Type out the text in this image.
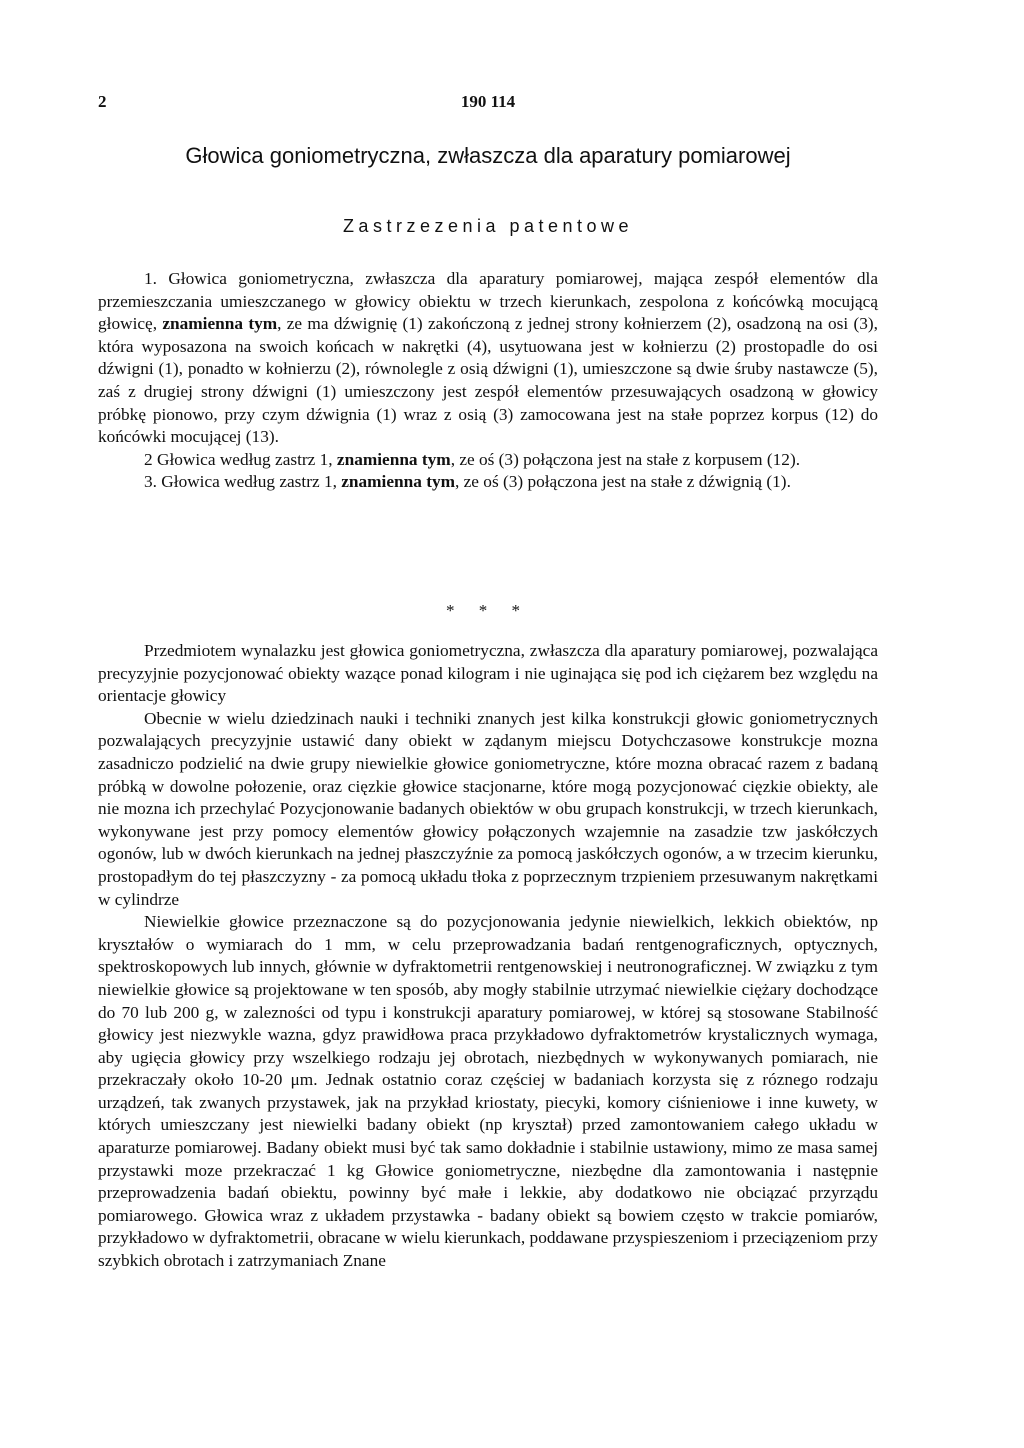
2	190 114
Głowica goniometryczna, zwłaszcza dla aparatury pomiarowej
Zastrzezenia patentowe

1. Głowica goniometryczna, zwłaszcza dla aparatury pomiarowej, mająca zespół elementów dla przemieszczania umieszczanego w głowicy obiektu w trzech kierunkach, zespolona z końcówką mocującą głowicę, znamienna tym, ze ma dźwignię (1) zakończoną z jednej strony kołnierzem (2), osadzoną na osi (3), która wyposazona na swoich końcach w nakrętki (4), usytuowana jest w kołnierzu (2) prostopadle do osi dźwigni (1), ponadto w kołnierzu (2), równolegle z osią dźwigni (1), umieszczone są dwie śruby nastawcze (5), zaś z drugiej strony dźwigni (1) umieszczony jest zespół elementów przesuwających osadzoną w głowicy próbkę pionowo, przy czym dźwignia (1) wraz z osią (3) zamocowana jest na stałe poprzez korpus (12) do końcówki mocującej (13).

2 Głowica według zastrz 1, znamienna tym, ze oś (3) połączona jest na stałe z korpusem (12).

3. Głowica według zastrz 1, znamienna tym, ze oś (3) połączona jest na stałe z dźwignią (1).

* * *

Przedmiotem wynalazku jest głowica goniometryczna, zwłaszcza dla aparatury pomiarowej, pozwalająca precyzyjnie pozycjonować obiekty wazące ponad kilogram i nie uginająca się pod ich ciężarem bez względu na orientacje głowicy

Obecnie w wielu dziedzinach nauki i techniki znanych jest kilka konstrukcji głowic goniometrycznych pozwalających precyzyjnie ustawić dany obiekt w ządanym miejscu Dotychczasowe konstrukcje mozna zasadniczo podzielić na dwie grupy niewielkie głowice goniometryczne, które mozna obracać razem z badaną próbką w dowolne połozenie, oraz cięzkie głowice stacjonarne, które mogą pozycjonować cięzkie obiekty, ale nie mozna ich przechylać Pozycjonowanie badanych obiektów w obu grupach konstrukcji, w trzech kierunkach, wykonywane jest przy pomocy elementów głowicy połączonych wzajemnie na zasadzie tzw jaskółczych ogonów, lub w dwóch kierunkach na jednej płaszczyźnie za pomocą jaskółczych ogonów, a w trzecim kierunku, prostopadłym do tej płaszczyzny - za pomocą układu tłoka z poprzecznym trzpieniem przesuwanym nakrętkami w cylindrze

Niewielkie głowice przeznaczone są do pozycjonowania jedynie niewielkich, lekkich obiektów, np kryształów o wymiarach do 1 mm, w celu przeprowadzania badań rentgenograficznych, optycznych, spektroskopowych lub innych, głównie w dyfraktometrii rentgenowskiej i neutronograficznej. W związku z tym niewielkie głowice są projektowane w ten sposób, aby mogły stabilnie utrzymać niewielkie ciężary dochodzące do 70 lub 200 g, w zalezności od typu i konstrukcji aparatury pomiarowej, w której są stosowane Stabilność głowicy jest niezwykle wazna, gdyz prawidłowa praca przykładowo dyfraktometrów krystalicznych wymaga, aby ugięcia głowicy przy wszelkiego rodzaju jej obrotach, niezbędnych w wykonywanych pomiarach, nie przekraczały około 10-20 μm. Jednak ostatnio coraz częściej w badaniach korzysta się z róznego rodzaju urządzeń, tak zwanych przystawek, jak na przykład kriostaty, piecyki, komory ciśnieniowe i inne kuwety, w których umieszczany jest niewielki badany obiekt (np kryształ) przed zamontowaniem całego układu w aparaturze pomiarowej. Badany obiekt musi być tak samo dokładnie i stabilnie ustawiony, mimo ze masa samej przystawki moze przekraczać 1 kg Głowice goniometryczne, niezbędne dla zamontowania i następnie przeprowadzenia badań obiektu, powinny być małe i lekkie, aby dodatkowo nie obciązać przyrządu pomiarowego. Głowica wraz z układem przystawka - badany obiekt są bowiem często w trakcie pomiarów, przykładowo w dyfraktometrii, obracane w wielu kierunkach, poddawane przyspieszeniom i przeciązeniom przy szybkich obrotach i zatrzymaniach Znane
